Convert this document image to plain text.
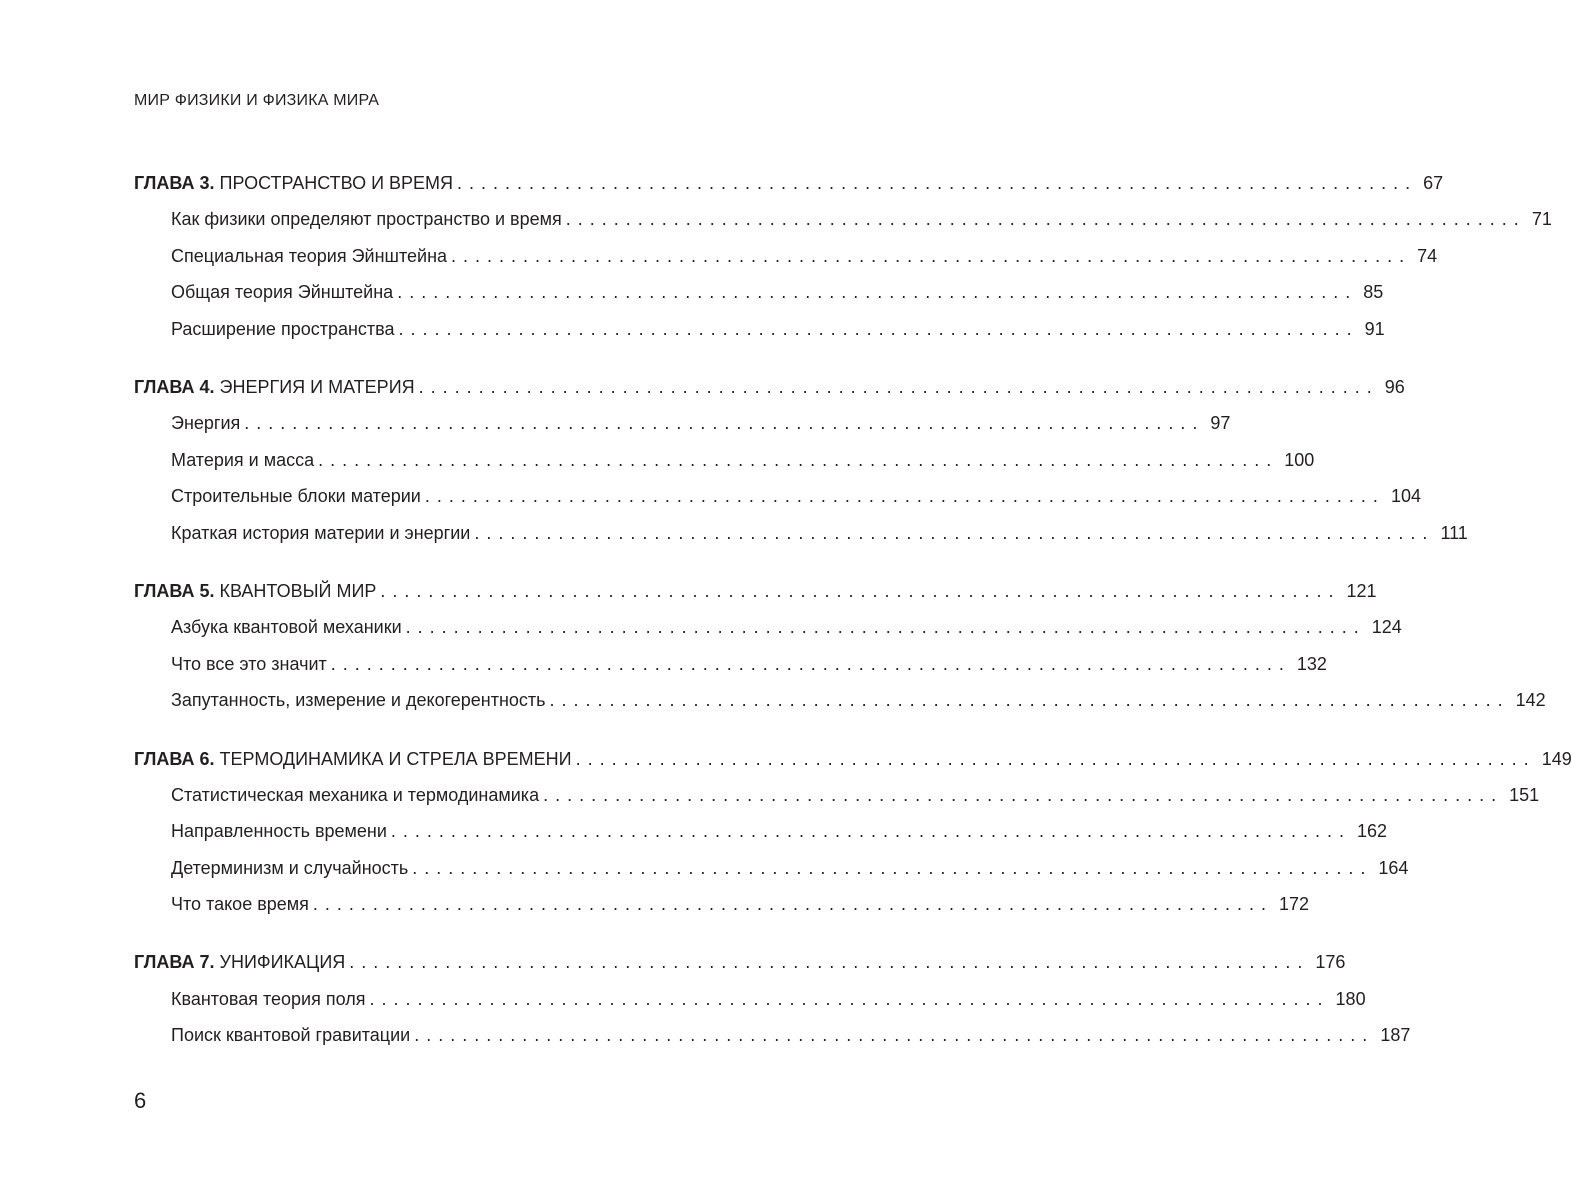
МИР ФИЗИКИ И ФИЗИКА МИРА
ГЛАВА 3. ПРОСТРАНСТВО И ВРЕМЯ ................................................................................ 67
Как физики определяют пространство и время ................................................................................ 71
Специальная теория Эйнштейна ................................................................................ 74
Общая теория Эйнштейна ................................................................................ 85
Расширение пространства ................................................................................ 91
ГЛАВА 4. ЭНЕРГИЯ И МАТЕРИЯ ................................................................................ 96
Энергия ................................................................................ 97
Материя и масса ................................................................................ 100
Строительные блоки материи ................................................................................ 104
Краткая история материи и энергии ................................................................................ 111
ГЛАВА 5. КВАНТОВЫЙ МИР ................................................................................ 121
Азбука квантовой механики ................................................................................ 124
Что все это значит ................................................................................ 132
Запутанность, измерение и декогерентность ................................................................................ 142
ГЛАВА 6. ТЕРМОДИНАМИКА И СТРЕЛА ВРЕМЕНИ ................................................................................ 149
Статистическая механика и термодинамика ................................................................................ 151
Направленность времени ................................................................................ 162
Детерминизм и случайность ................................................................................ 164
Что такое время ................................................................................ 172
ГЛАВА 7. УНИФИКАЦИЯ ................................................................................ 176
Квантовая теория поля ................................................................................ 180
Поиск квантовой гравитации ................................................................................ 187
6
